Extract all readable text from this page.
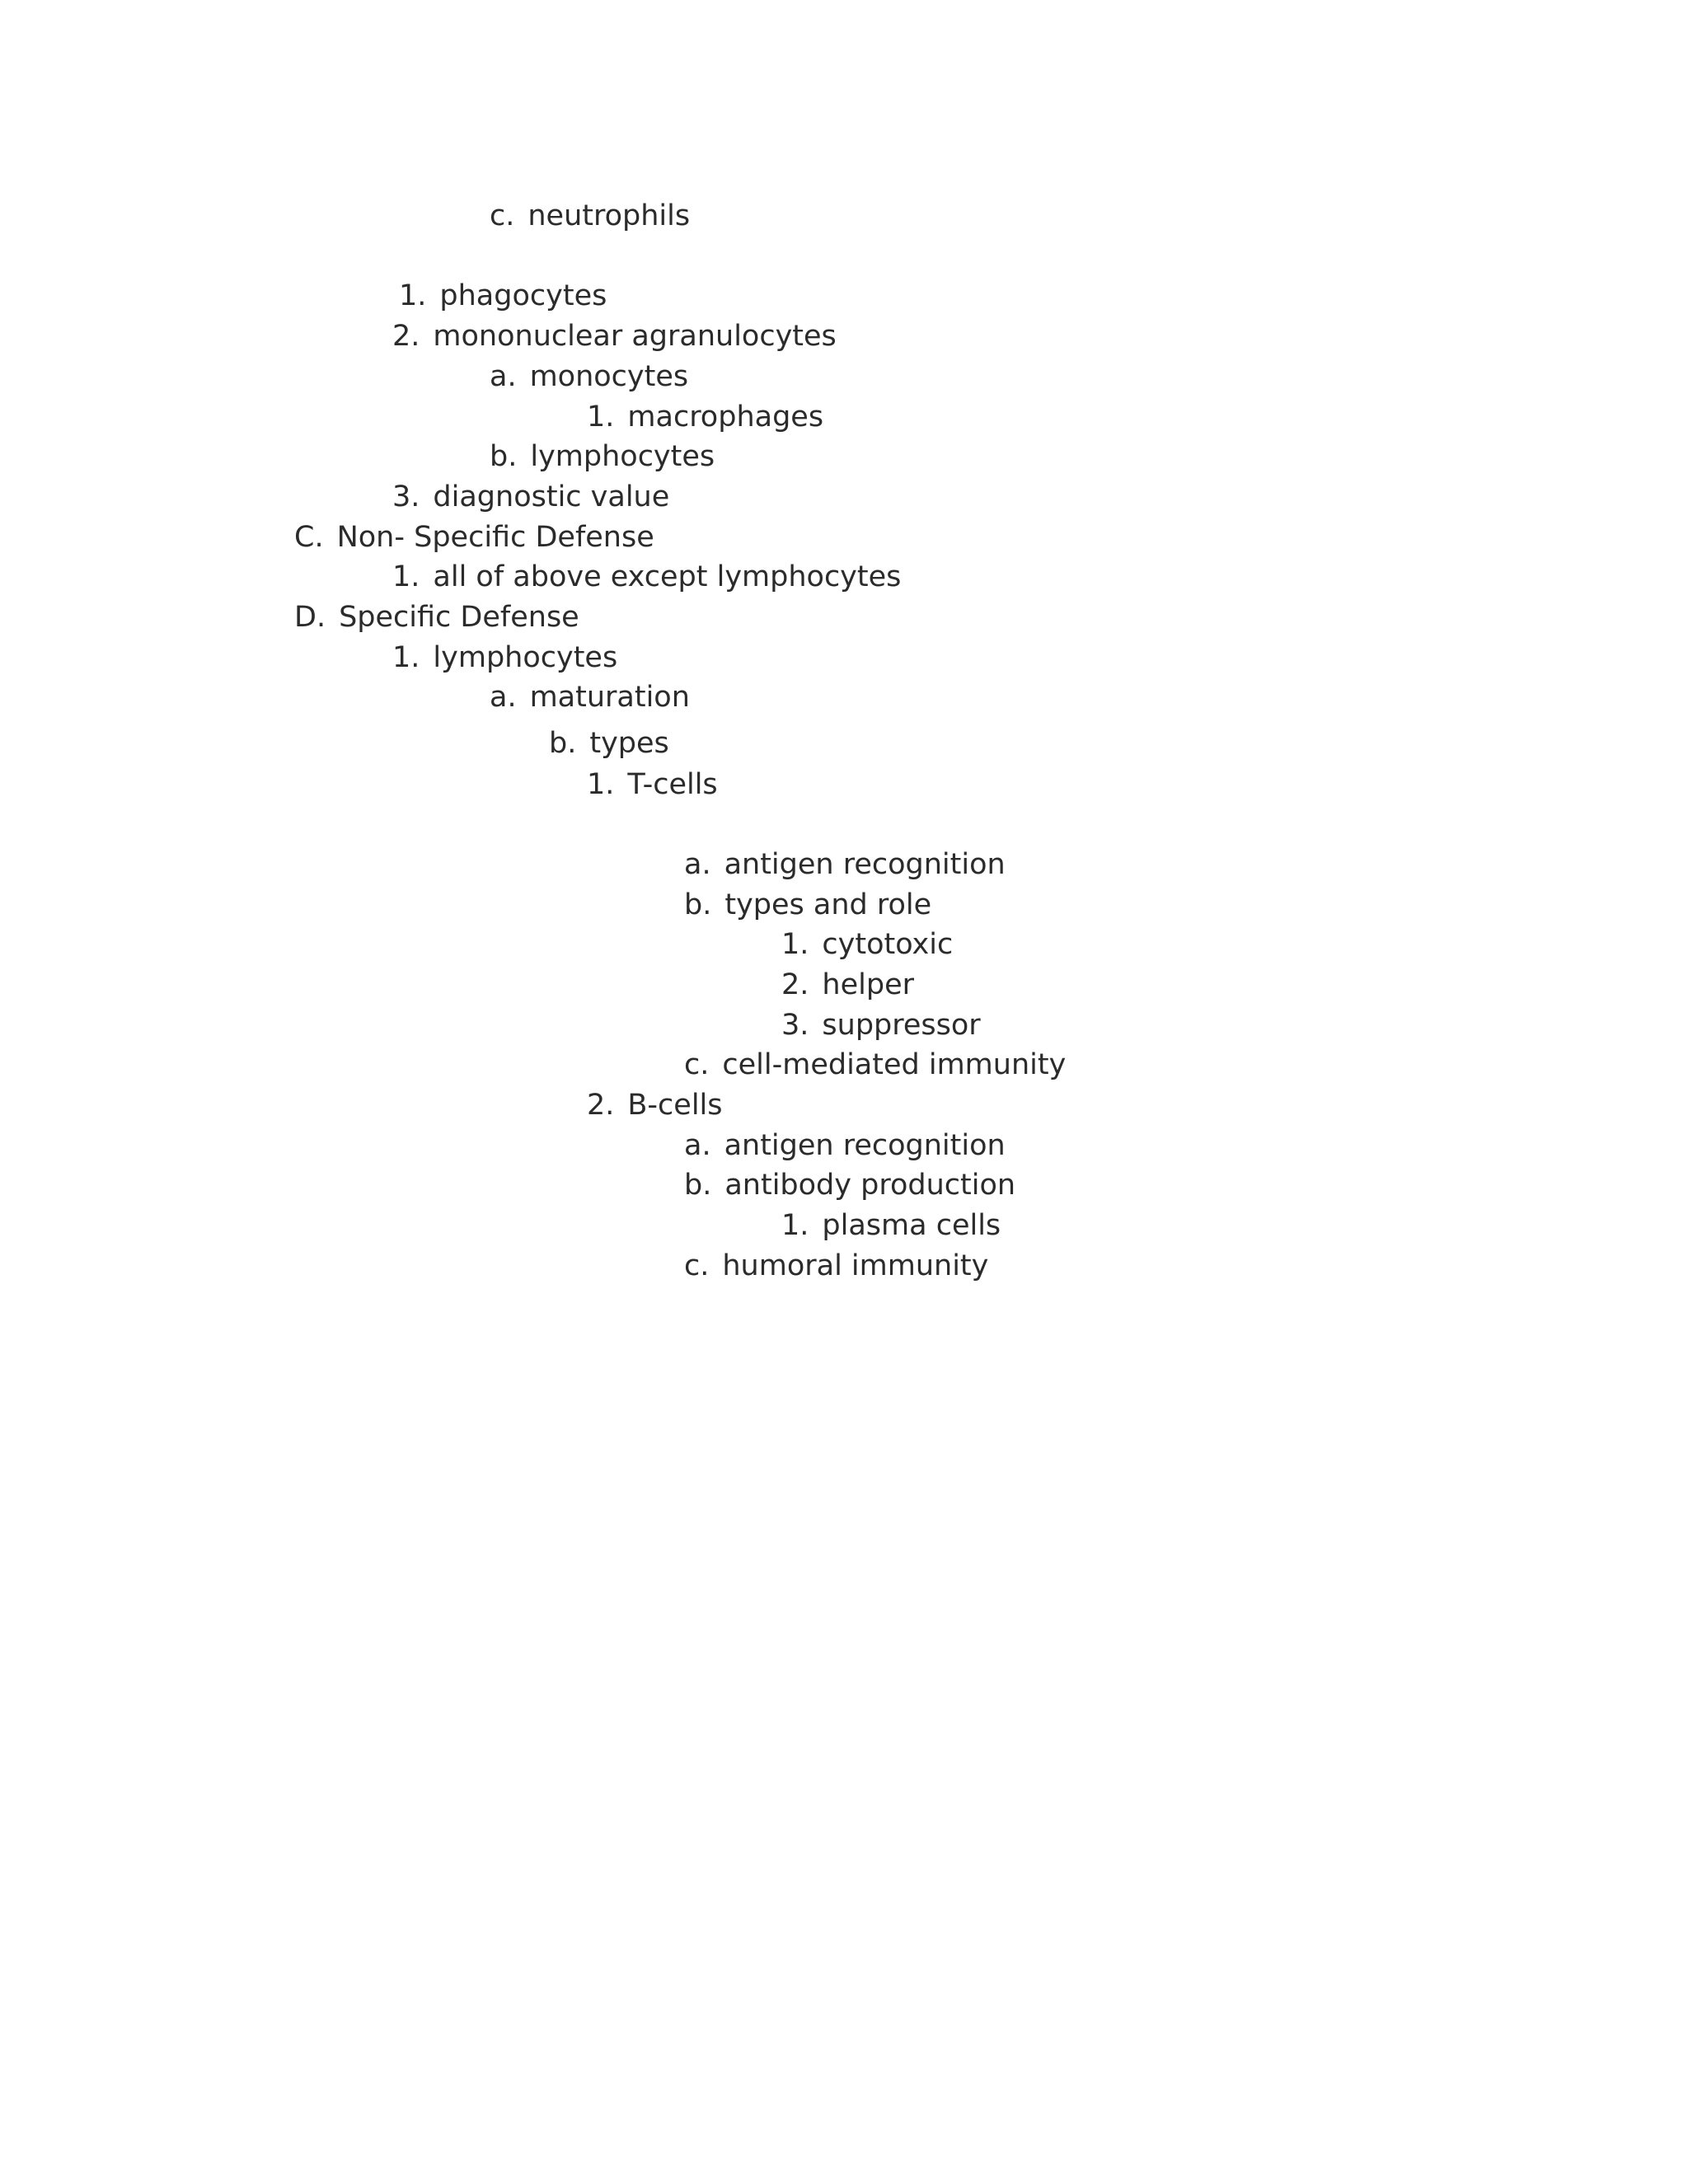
c. neutrophils
1. phagocytes
2. mononuclear agranulocytes
a. monocytes
1. macrophages
b. lymphocytes
3. diagnostic value
C. Non- Specific Defense
1. all of above except lymphocytes
D. Specific Defense
1. lymphocytes
a. maturation
b. types
1. T-cells
a. antigen recognition
b. types and role
1. cytotoxic
2. helper
3. suppressor
c. cell-mediated immunity
2. B-cells
a. antigen recognition
b. antibody production
1. plasma cells
c. humoral immunity
